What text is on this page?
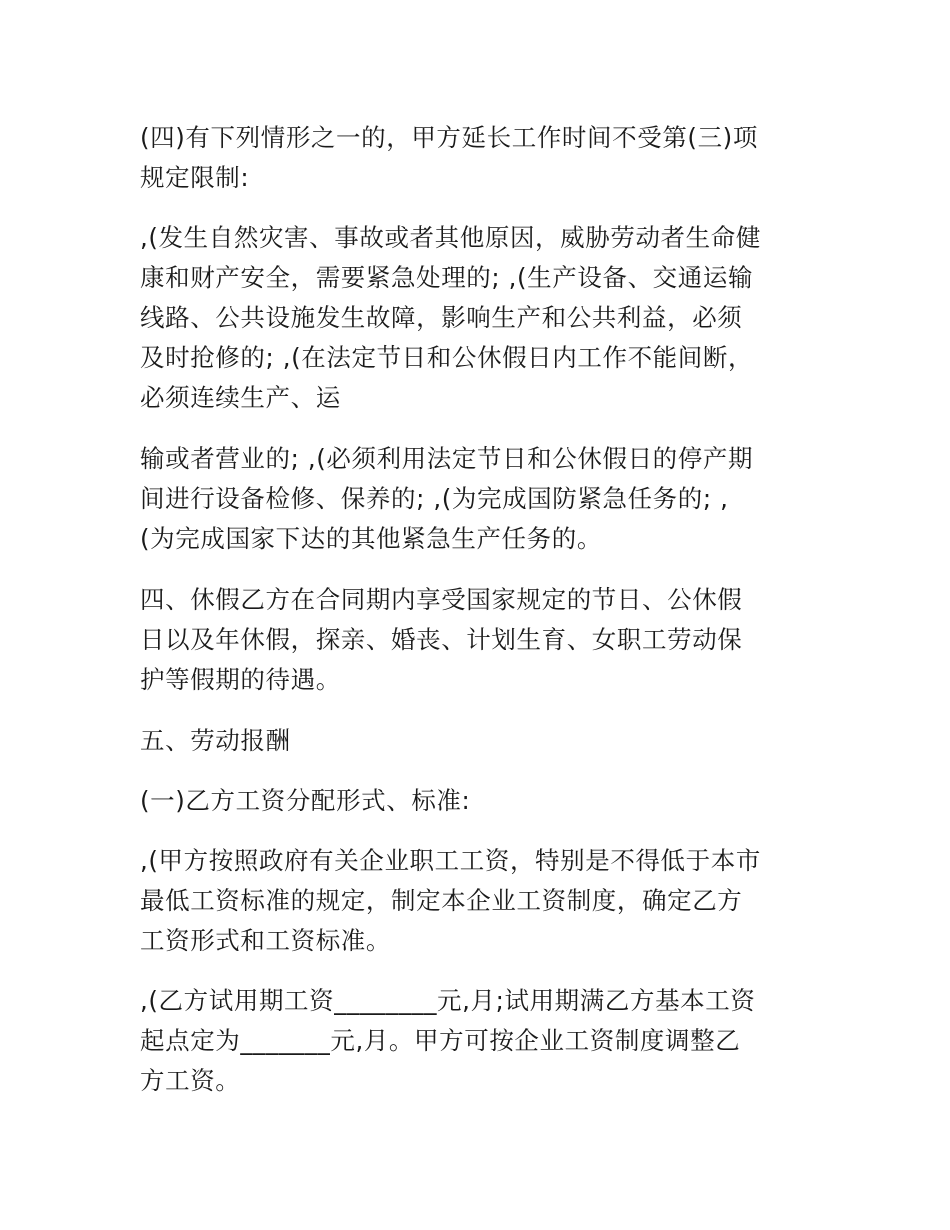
(四)有下列情形之一的，甲方延长工作时间不受第(三)项
规定限制:

,(发生自然灾害、事故或者其他原因，威胁劳动者生命健
康和财产安全，需要紧急处理的; ,(生产设备、交通运输
线路、公共设施发生故障，影响生产和公共利益，必须
及时抢修的; ,(在法定节日和公休假日内工作不能间断，
必须连续生产、运

输或者营业的; ,(必须利用法定节日和公休假日的停产期
间进行设备检修、保养的; ,(为完成国防紧急任务的; ,
(为完成国家下达的其他紧急生产任务的。

四、休假乙方在合同期内享受国家规定的节日、公休假
日以及年休假，探亲、婚丧、计划生育、女职工劳动保
护等假期的待遇。

五、劳动报酬

(一)乙方工资分配形式、标准:

,(甲方按照政府有关企业职工工资，特别是不得低于本市
最低工资标准的规定，制定本企业工资制度，确定乙方
工资形式和工资标准。

,(乙方试用期工资________元,月;试用期满乙方基本工资
起点定为_______元,月。甲方可按企业工资制度调整乙
方工资。
